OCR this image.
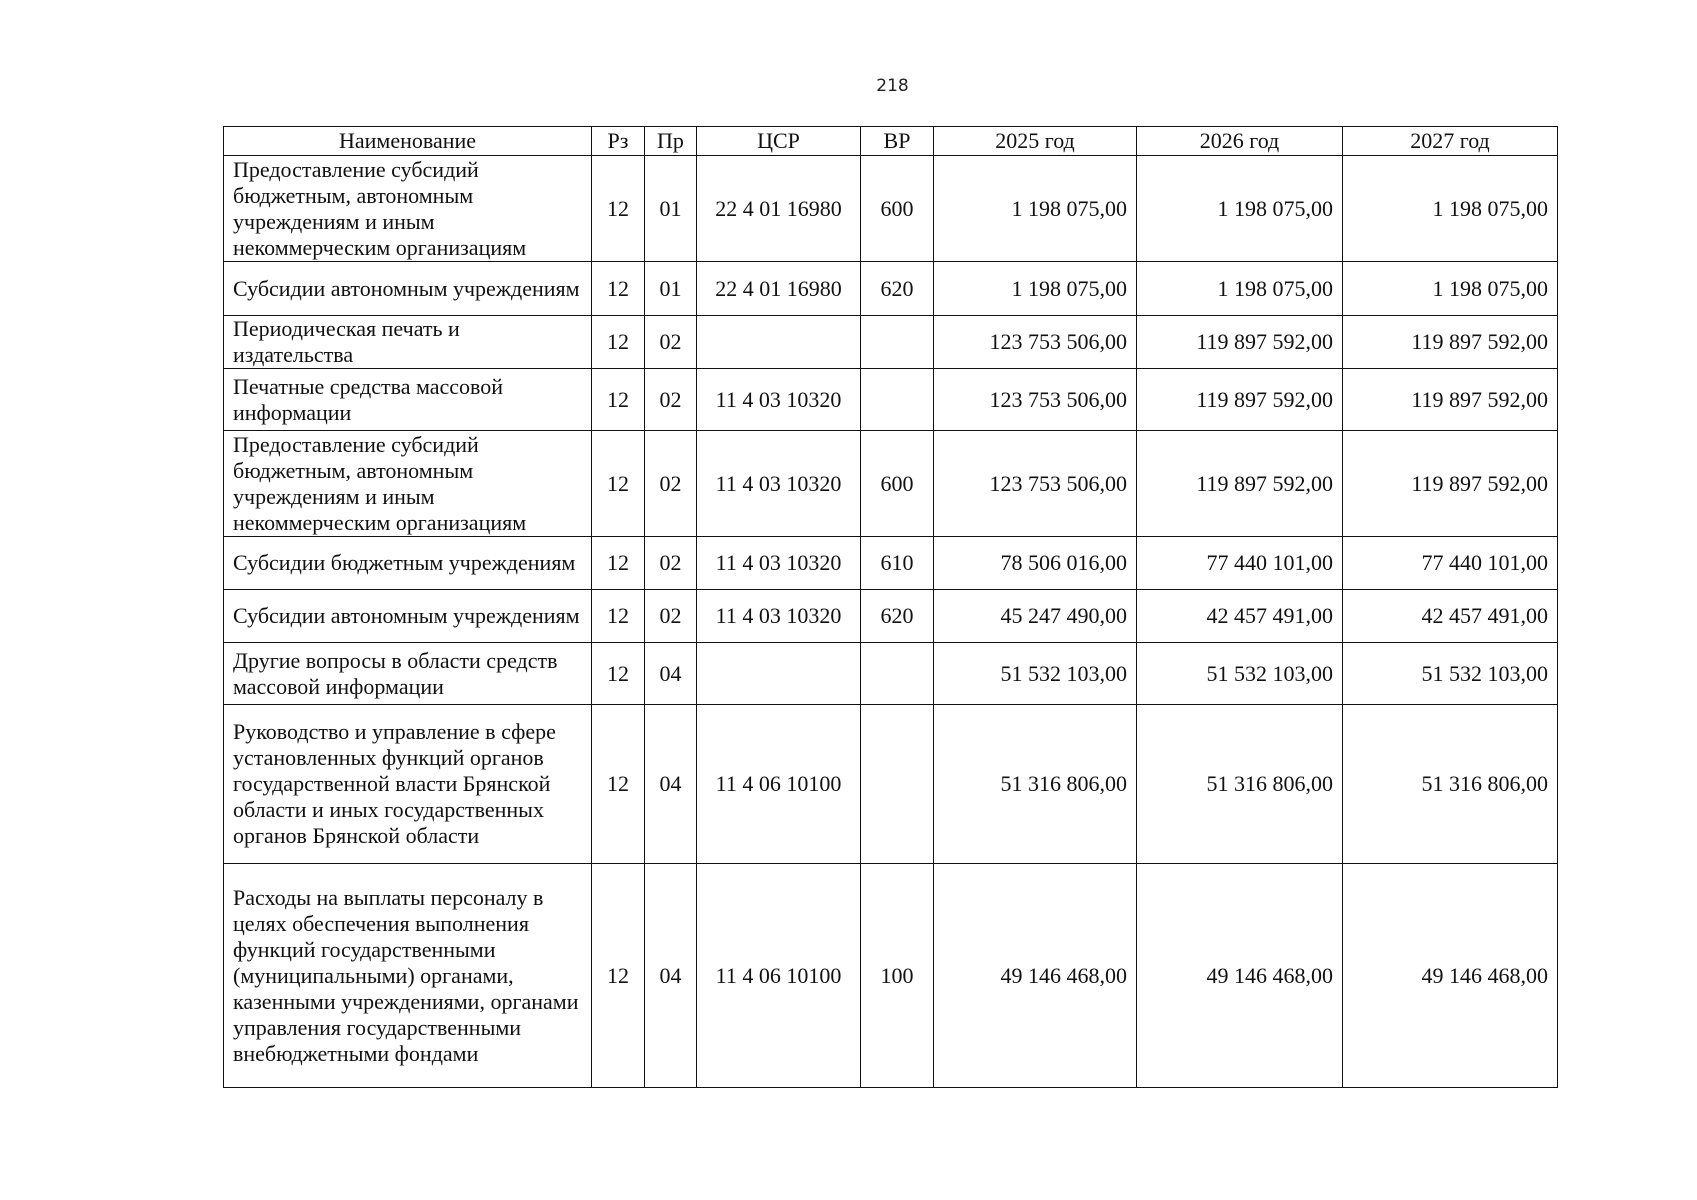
218
Наименование	Рз	Пр	ЦСР	ВР	2025 год	2026 год	2027 год
Предоставление субсидий бюджетным, автономным учреждениям и иным некоммерческим организациям	12	01	22 4 01 16980	600	1 198 075,00	1 198 075,00	1 198 075,00
Субсидии автономным учреждениям	12	01	22 4 01 16980	620	1 198 075,00	1 198 075,00	1 198 075,00
Периодическая печать и издательства	12	02			123 753 506,00	119 897 592,00	119 897 592,00
Печатные средства массовой информации	12	02	11 4 03 10320		123 753 506,00	119 897 592,00	119 897 592,00
Предоставление субсидий бюджетным, автономным учреждениям и иным некоммерческим организациям	12	02	11 4 03 10320	600	123 753 506,00	119 897 592,00	119 897 592,00
Субсидии бюджетным учреждениям	12	02	11 4 03 10320	610	78 506 016,00	77 440 101,00	77 440 101,00
Субсидии автономным учреждениям	12	02	11 4 03 10320	620	45 247 490,00	42 457 491,00	42 457 491,00
Другие вопросы в области средств массовой информации	12	04			51 532 103,00	51 532 103,00	51 532 103,00
Руководство и управление в сфере установленных функций органов государственной власти Брянской области и иных государственных органов Брянской области	12	04	11 4 06 10100		51 316 806,00	51 316 806,00	51 316 806,00
Расходы на выплаты персоналу в целях обеспечения выполнения функций государственными (муниципальными) органами, казенными учреждениями, органами управления государственными внебюджетными фондами	12	04	11 4 06 10100	100	49 146 468,00	49 146 468,00	49 146 468,00
